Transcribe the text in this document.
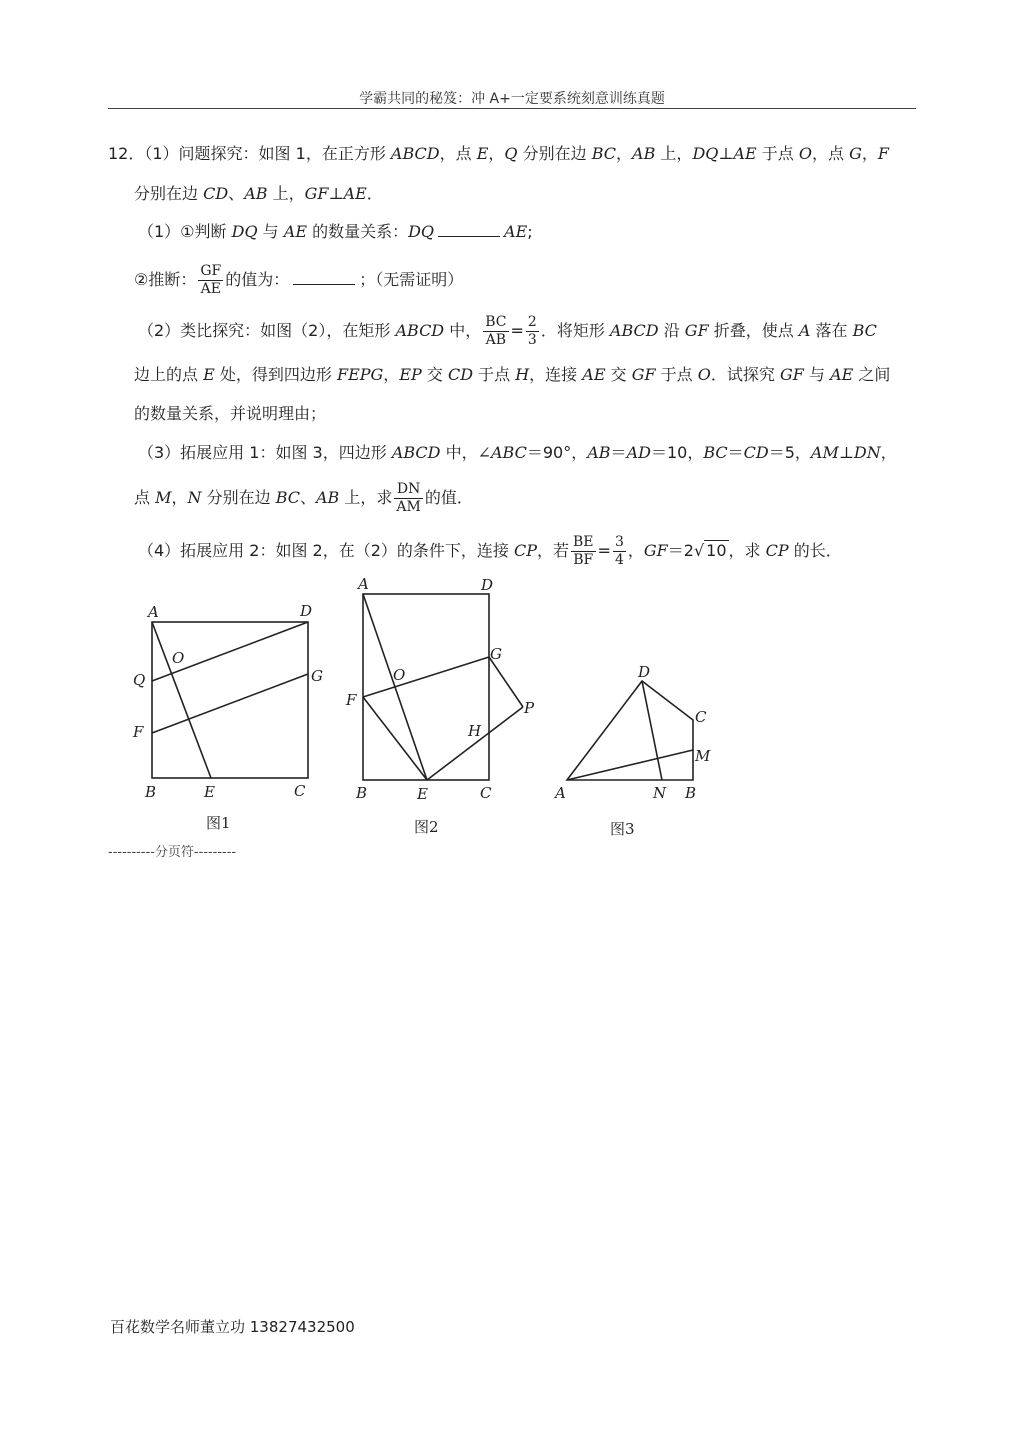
学霸共同的秘笈：冲 A+一定要系统刻意训练真题
12．（1）问题探究：如图 1，在正方形 ABCD，点 E，Q 分别在边 BC，AB 上，DQ⊥AE 于点 O，点 G，F
分别在边 CD、AB 上，GF⊥AE．
（1）①判断 DQ 与 AE 的数量关系：DQ	AE;
②推断： $\frac{GF}{AE}$ 的值为：	；（无需证明）
（2）类比探究：如图（2），在矩形 ABCD 中， $\frac{BC}{AB} = \frac{2}{3}$ ．将矩形 ABCD 沿 GF 折叠，使点 A 落在 BC
边上的点 E 处，得到四边形 FEPG，EP 交 CD 于点 H，连接 AE 交 GF 于点 O．试探究 GF 与 AE 之间
的数量关系，并说明理由；
（3）拓展应用 1：如图 3，四边形 ABCD 中，∠ABC＝90°，AB＝AD＝10，BC＝CD＝5，AM⊥DN，
点 M，N 分别在边 BC、AB 上，求 $\frac{DN}{AM}$ 的值．
（4）拓展应用 2：如图 2，在（2）的条件下，连接 CP，若 $\frac{BE}{BF} = \frac{3}{4}$ ，GF＝2√ 10 ，求 CP 的长．
A	D
Q
O
G
F
B	E	C
A	D
G
O
F	P
H
B	E	C
D
C
M
A	N B
图1	图2	图3
----------分页符---------
百花数学名师董立功 13827432500
